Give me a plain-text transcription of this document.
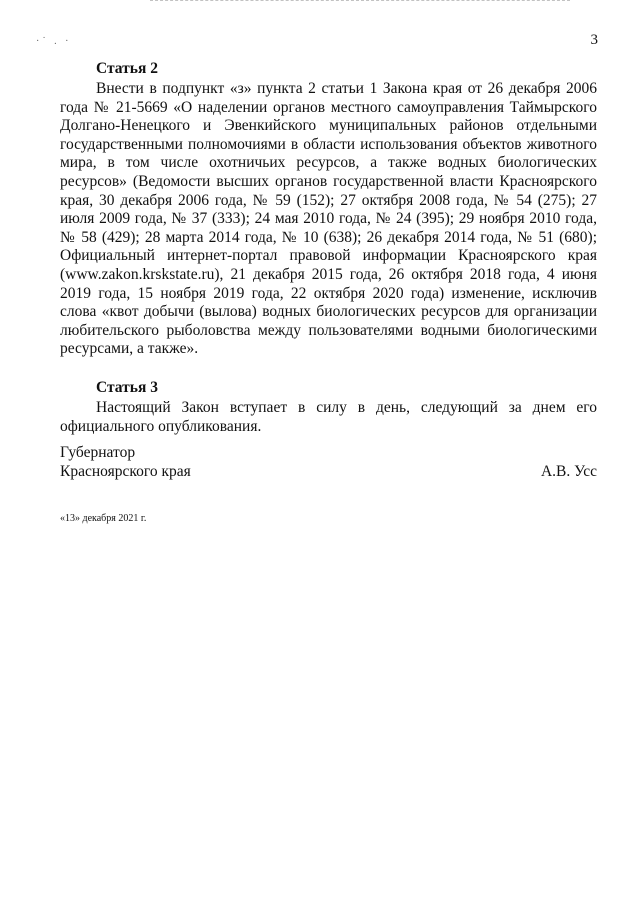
·˙ . ·	3
Статья 2

Внести в подпункт «з» пункта 2 статьи 1 Закона края от 26 декабря 2006 года № 21-5669 «О наделении органов местного самоуправления Таймырского Долгано-Ненецкого и Эвенкийского муниципальных районов отдельными государственными полномочиями в области использования объектов животного мира, в том числе охотничьих ресурсов, а также водных биологических ресурсов» (Ведомости высших органов государственной власти Красноярского края, 30 декабря 2006 года, № 59 (152); 27 октября 2008 года, № 54 (275); 27 июля 2009 года, № 37 (333); 24 мая 2010 года, № 24 (395); 29 ноября 2010 года, № 58 (429); 28 марта 2014 года, № 10 (638); 26 декабря 2014 года, № 51 (680); Официальный интернет-портал правовой информации Красноярского края (www.zakon.krskstate.ru), 21 декабря 2015 года, 26 октября 2018 года, 4 июня 2019 года, 15 ноября 2019 года, 22 октября 2020 года) изменение, исключив слова «квот добычи (вылова) водных биологических ресурсов для организации любительского рыболовства между пользователями водными биологическими ресурсами, а также».

Статья 3

Настоящий Закон вступает в силу в день, следующий за днем его официального опубликования.

Губернатор
Красноярского края	А.В. Усс
«13» декабря 2021 г.
